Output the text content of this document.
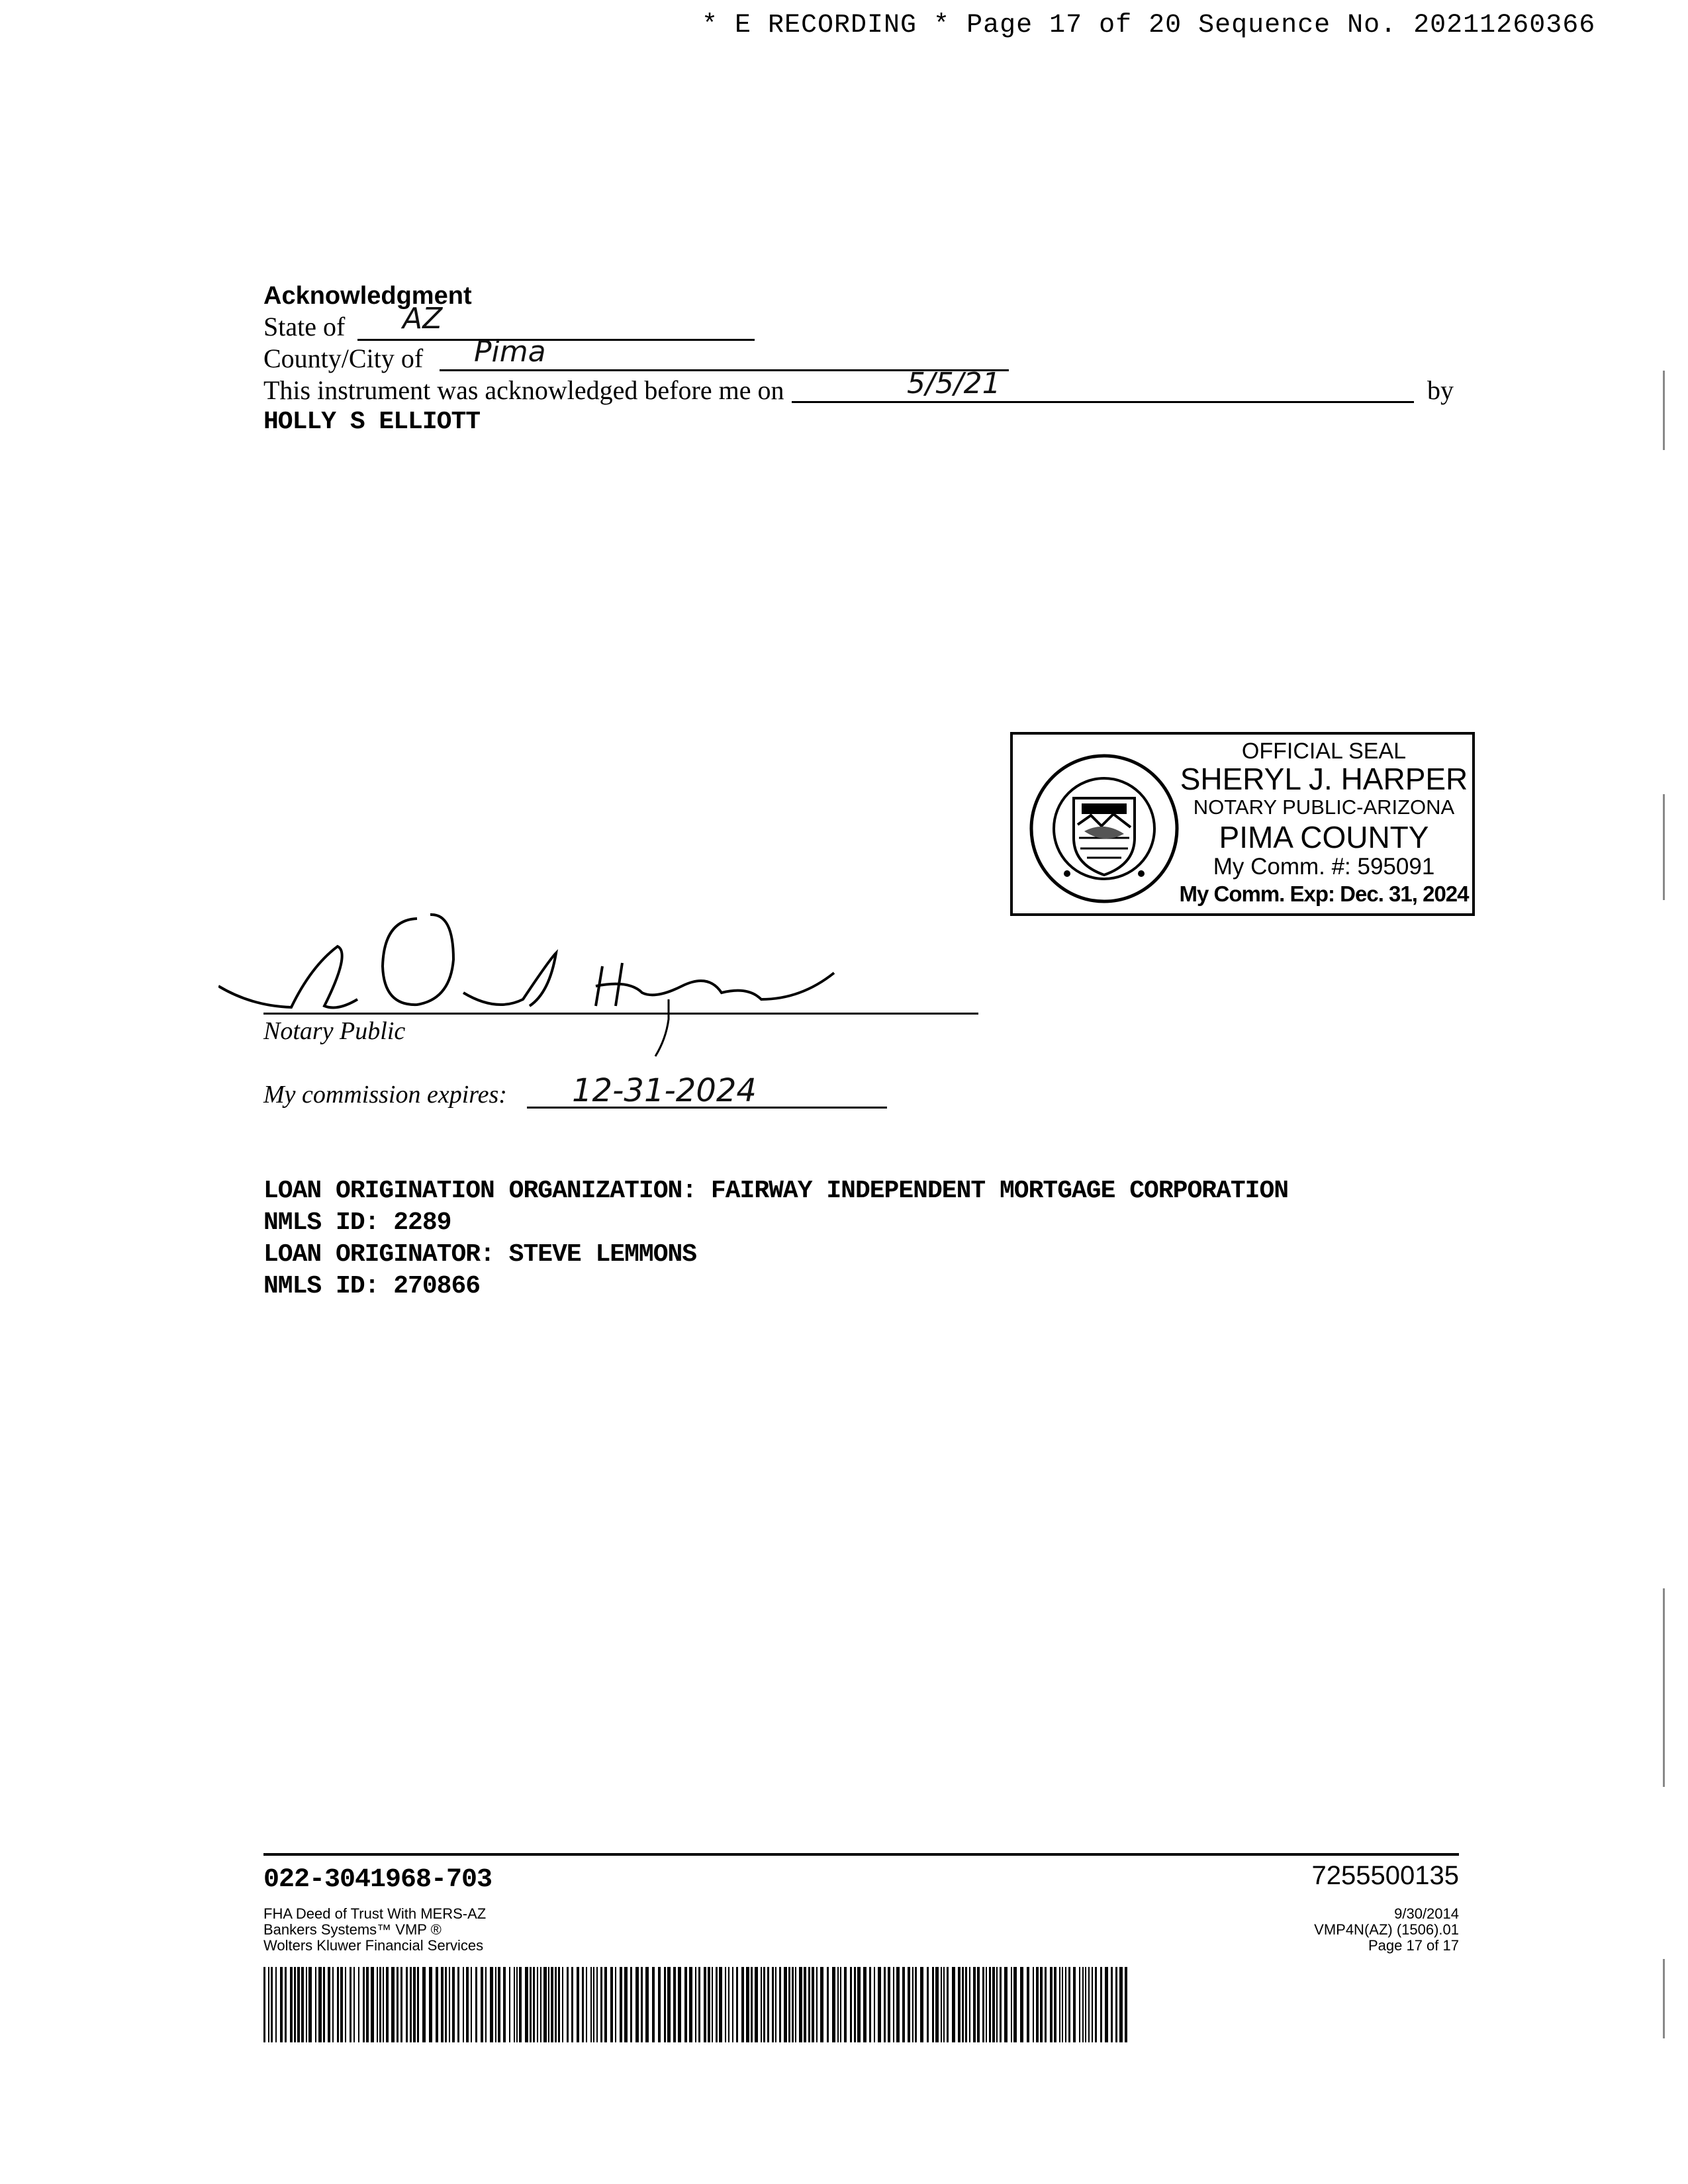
* E RECORDING * Page 17 of 20 Sequence No. 20211260366
Acknowledgment
State of AZ
County/City of Pima
This instrument was acknowledged before me on	5/5/21	by
HOLLY S ELLIOTT
OFFICIAL SEAL
SHERYL J. HARPER
NOTARY PUBLIC-ARIZONA
PIMA COUNTY
My Comm. #: 595091
My Comm. Exp: Dec. 31, 2024
Notary Public
My commission expires: 12-31-2024
LOAN ORIGINATION ORGANIZATION: FAIRWAY INDEPENDENT MORTGAGE CORPORATION
NMLS ID: 2289
LOAN ORIGINATOR: STEVE LEMMONS
NMLS ID: 270866
022-3041968-703	7255500135
FHA Deed of Trust With MERS-AZ
Bankers Systems™ VMP ®
Wolters Kluwer Financial Services
9/30/2014
VMP4N(AZ) (1506).01
Page 17 of 17
